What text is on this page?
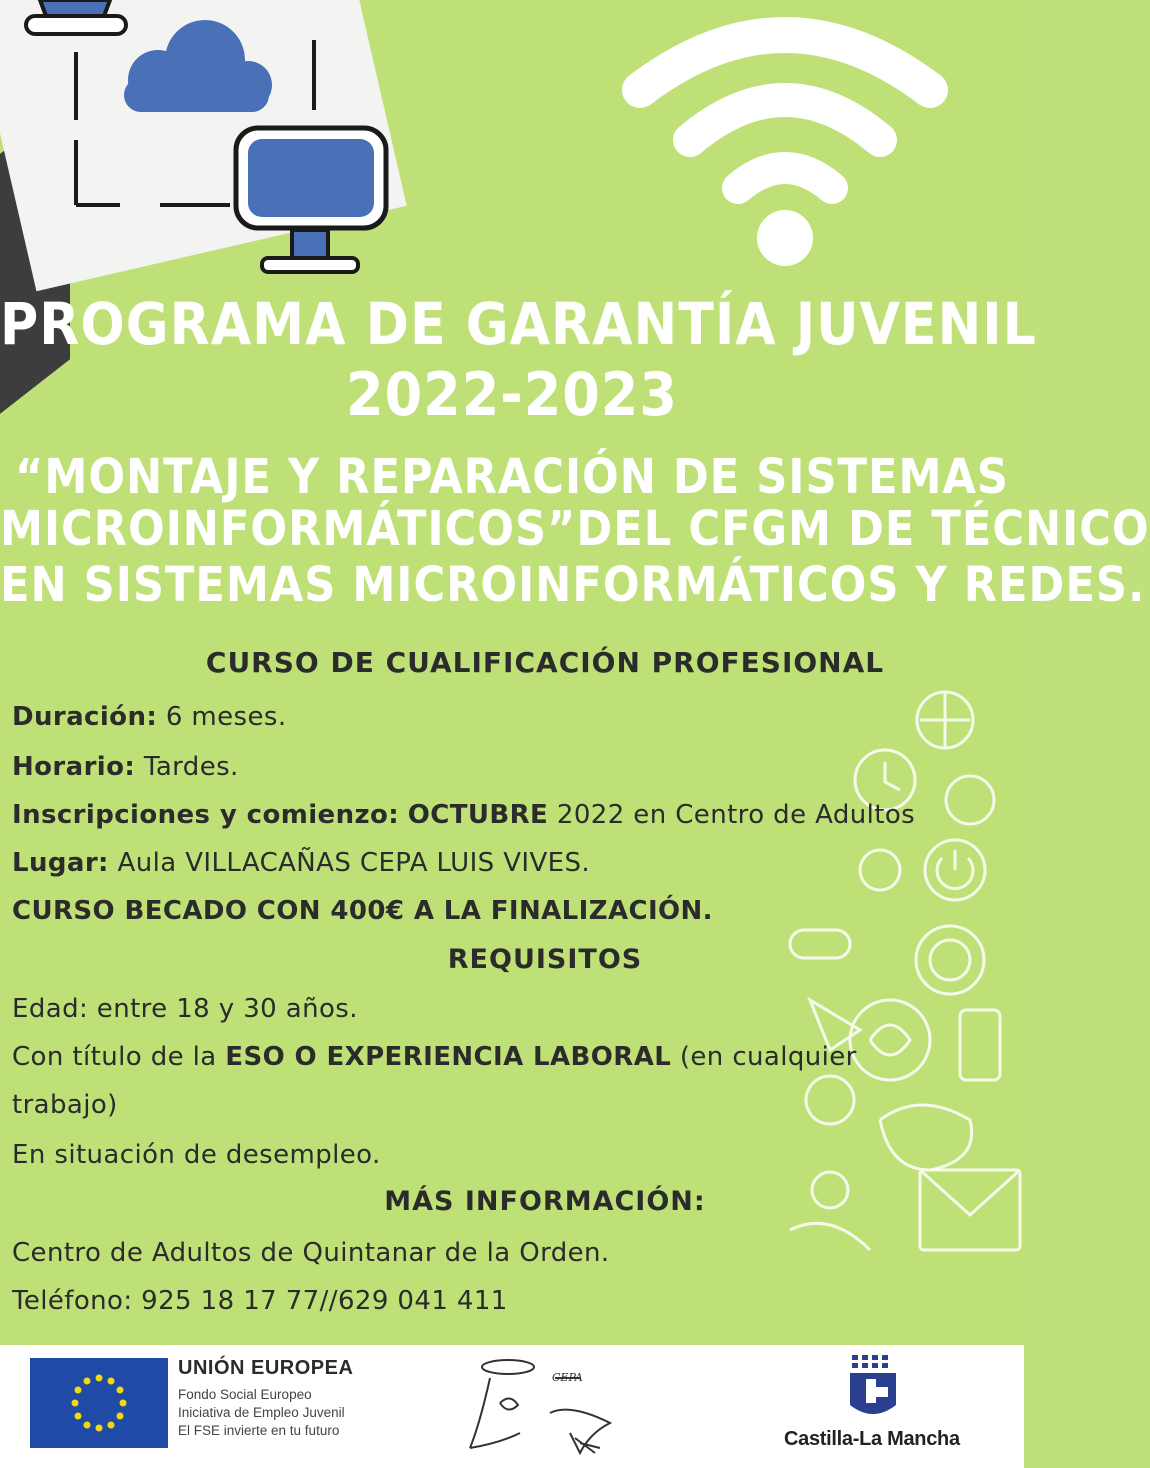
PROGRAMA DE GARANTÍA JUVENIL
2022-2023
“MONTAJE Y REPARACIÓN DE SISTEMAS
MICROINFORMÁTICOS”DEL CFGM DE TÉCNICO
EN SISTEMAS MICROINFORMÁTICOS Y REDES.
CURSO DE CUALIFICACIÓN PROFESIONAL
Duración: 6 meses.
Horario: Tardes.
Inscripciones y comienzo: OCTUBRE 2022 en Centro de Adultos
Lugar: Aula VILLACAÑAS CEPA LUIS VIVES.
CURSO BECADO CON 400€ A LA FINALIZACIÓN.
REQUISITOS
Edad: entre 18 y 30 años.
Con título de la ESO O EXPERIENCIA LABORAL (en cualquier
trabajo)
En situación de desempleo.
MÁS INFORMACIÓN:
Centro de Adultos de Quintanar de la Orden.
Teléfono: 925 18 17 77//629 041 411
UNIÓN EUROPEA
Fondo Social Europeo
Iniciativa de Empleo Juvenil
El FSE invierte en tu futuro
CEPA
Castilla-La Mancha
